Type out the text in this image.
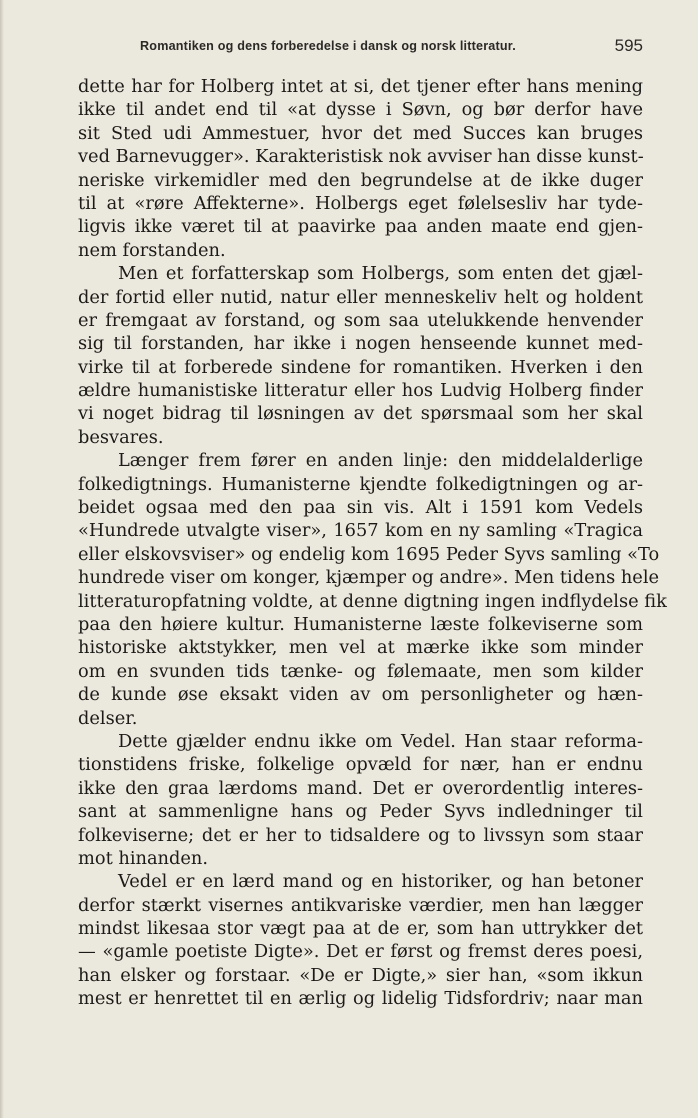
Romantiken og dens forberedelse i dansk og norsk litteratur.	595
dette har for Holberg intet at si, det tjener efter hans mening
ikke til andet end til «at dysse i Søvn, og bør derfor have
sit Sted udi Ammestuer, hvor det med Succes kan bruges
ved Barnevugger». Karakteristisk nok avviser han disse kunst-
neriske virkemidler med den begrundelse at de ikke duger
til at «røre Affekterne». Holbergs eget følelsesliv har tyde-
ligvis ikke været til at paavirke paa anden maate end gjen-
nem forstanden.
Men et forfatterskap som Holbergs, som enten det gjæl-
der fortid eller nutid, natur eller menneskeliv helt og holdent
er fremgaat av forstand, og som saa utelukkende henvender
sig til forstanden, har ikke i nogen henseende kunnet med-
virke til at forberede sindene for romantiken. Hverken i den
ældre humanistiske litteratur eller hos Ludvig Holberg finder
vi noget bidrag til løsningen av det spørsmaal som her skal
besvares.
Længer frem fører en anden linje: den middelalderlige
folkedigtnings. Humanisterne kjendte folkedigtningen og ar-
beidet ogsaa med den paa sin vis. Alt i 1591 kom Vedels
«Hundrede utvalgte viser», 1657 kom en ny samling «Tragica
eller elskovsviser» og endelig kom 1695 Peder Syvs samling «To
hundrede viser om konger, kjæmper og andre». Men tidens hele
litteraturopfatning voldte, at denne digtning ingen indflydelse fik
paa den høiere kultur. Humanisterne læste folkeviserne som
historiske aktstykker, men vel at mærke ikke som minder
om en svunden tids tænke- og følemaate, men som kilder
de kunde øse eksakt viden av om personligheter og hæn-
delser.
Dette gjælder endnu ikke om Vedel. Han staar reforma-
tionstidens friske, folkelige opvæld for nær, han er endnu
ikke den graa lærdoms mand. Det er overordentlig interes-
sant at sammenligne hans og Peder Syvs indledninger til
folkeviserne; det er her to tidsaldere og to livssyn som staar
mot hinanden.
Vedel er en lærd mand og en historiker, og han betoner
derfor stærkt visernes antikvariske værdier, men han lægger
mindst likesaa stor vægt paa at de er, som han uttrykker det
— «gamle poetiste Digte». Det er først og fremst deres poesi,
han elsker og forstaar. «De er Digte,» sier han, «som ikkun
mest er henrettet til en ærlig og lidelig Tidsfordriv; naar man
